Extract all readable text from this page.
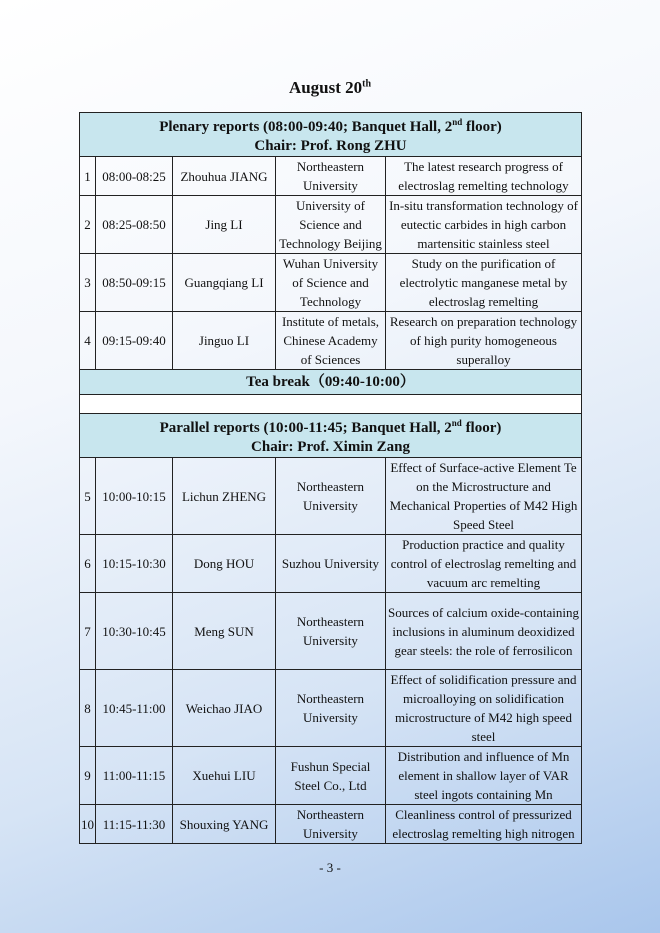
August 20th
Plenary reports (08:00-09:40; Banquet Hall, 2nd floor)
Chair: Prof. Rong ZHU				

1	08:00-08:25	Zhouhua JIANG	Northeastern University	The latest research progress of electroslag remelting technology
2	08:25-08:50	Jing LI	University of Science and Technology Beijing	In-situ transformation technology of eutectic carbides in high carbon martensitic stainless steel
3	08:50-09:15	Guangqiang LI	Wuhan University of Science and Technology	Study on the purification of electrolytic manganese metal by electroslag remelting
4	09:15-09:40	Jinguo LI	Institute of metals, Chinese Academy of Sciences	Research on preparation technology of high purity homogeneous superalloy
Tea break（09:40-10:00）				

Parallel reports (10:00-11:45; Banquet Hall, 2nd floor)
Chair: Prof. Ximin Zang				

5	10:00-10:15	Lichun ZHENG	Northeastern University	Effect of Surface-active Element Te on the Microstructure and Mechanical Properties of M42 High Speed Steel
6	10:15-10:30	Dong HOU	Suzhou University	Production practice and quality control of electroslag remelting and vacuum arc remelting
7	10:30-10:45	Meng SUN	Northeastern University	Sources of calcium oxide-containing inclusions in aluminum deoxidized gear steels: the role of ferrosilicon
8	10:45-11:00	Weichao JIAO	Northeastern University	Effect of solidification pressure and microalloying on solidification microstructure of M42 high speed steel
9	11:00-11:15	Xuehui LIU	Fushun Special Steel Co., Ltd	Distribution and influence of Mn element in shallow layer of VAR steel ingots containing Mn
10	11:15-11:30	Shouxing YANG	Northeastern University	Cleanliness control of pressurized electroslag remelting high nitrogen
- 3 -
